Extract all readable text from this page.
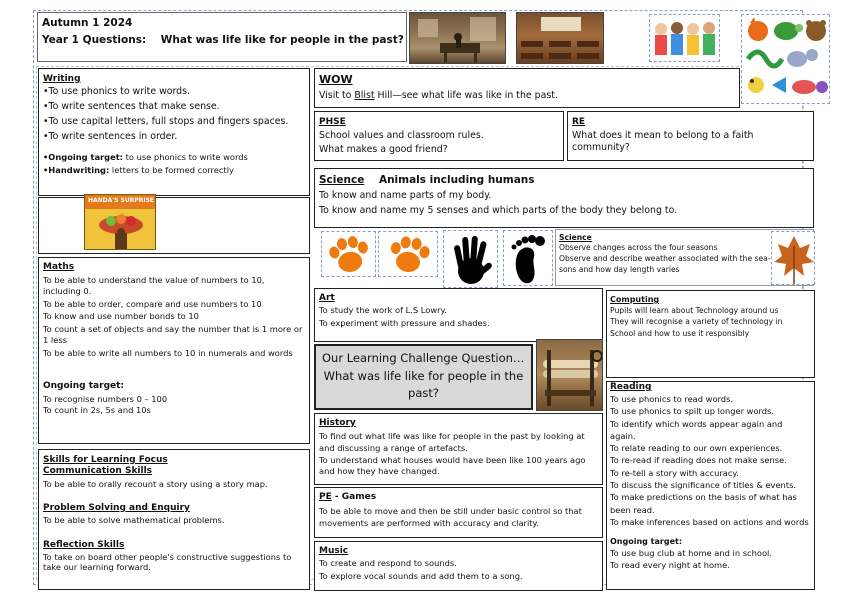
Autumn 1 2024

Year 1 Questions: What was life like for people in the past?

Writing

•To use phonics to write words.

•To write sentences that make sense.

•To use capital letters, full stops and fingers spaces.

•To write sentences in order.

•Ongoing target: to use phonics to write words

•Handwriting: letters to be formed correctly

HANDA'S SURPRISE

Maths

To be able to understand the value of numbers to 10, including 0.

To be able to order, compare and use numbers to 10

To know and use number bonds to 10

To count a set of objects and say the number that is 1 more or 1 less

To be able to write all numbers to 10 in numerals and words

Ongoing target:

To recognise numbers 0 – 100

To count in 2s, 5s and 10s

Skills for Learning Focus

Communication Skills

To be able to orally recount a story using a story map.

Problem Solving and Enquiry

To be able to solve mathematical problems.

Reflection Skills

To take on board other people's constructive suggestions to take our learning forward.

WOW

Visit to Blist Hill—see what life was like in the past.

PHSE

School values and classroom rules.

What makes a good friend?

RE

What does it mean to belong to a faith community?

Science Animals including humans

To know and name parts of my body.

To know and name my 5 senses and which parts of the body they belong to.

Science

Observe changes across the four seasons

Observe and describe weather associated with the sea-

sons and how day length varies

Art

To study the work of L.S Lowry.

To experiment with pressure and shades.

Our Learning Challenge Question…

What was life like for people in the

past?

Computing

Pupils will learn about Technology around us

They will recognise a variety of technology in

School and how to use it responsibly

History

To find out what life was like for people in the past by looking at

and discussing a range of artefacts.

To understand what houses would have been like 100 years ago

and how they have changed.

Reading

To use phonics to read words.

To use phonics to spilt up longer words.

To identify which words appear again and

again.

To relate reading to our own experiences.

To re-read if reading does not make sense.

To re-tell a story with accuracy.

To discuss the significance of titles & events.

To make predictions on the basis of what has

been read.

To make inferences based on actions and words

Ongoing target:

To use bug club at home and in school.

To read every night at home.

PE - Games

To be able to move and then be still under basic control so that

movements are performed with accuracy and clarity.

Music

To create and respond to sounds.

To explore vocal sounds and add them to a song.
